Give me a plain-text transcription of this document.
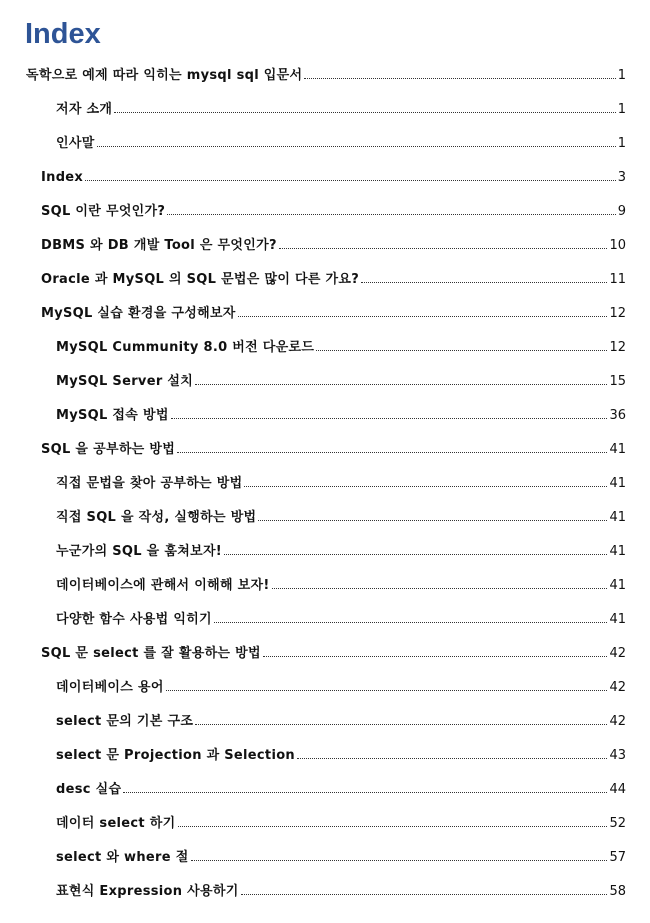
Index
독학으로 예제 따라 익히는 mysql sql 입문서	1
저자 소개	1
인사말	1
Index	3
SQL 이란 무엇인가?	9
DBMS 와 DB 개발 Tool 은 무엇인가?	10
Oracle 과 MySQL 의 SQL 문법은 많이 다른 가요?	11
MySQL 실습 환경을 구성해보자	12
MySQL Cummunity 8.0 버전 다운로드	12
MySQL Server 설치	15
MySQL 접속 방법	36
SQL 을 공부하는 방법	41
직접 문법을 찾아 공부하는 방법	41
직접 SQL 을 작성, 실행하는 방법	41
누군가의 SQL 을 훔쳐보자!	41
데이터베이스에 관해서 이해해 보자!	41
다양한 함수 사용법 익히기	41
SQL 문 select 를 잘 활용하는 방법	42
데이터베이스 용어	42
select 문의 기본 구조	42
select 문 Projection 과 Selection	43
desc 실습	44
데이터 select 하기	52
select 와 where 절	57
표현식 Expression 사용하기	58
